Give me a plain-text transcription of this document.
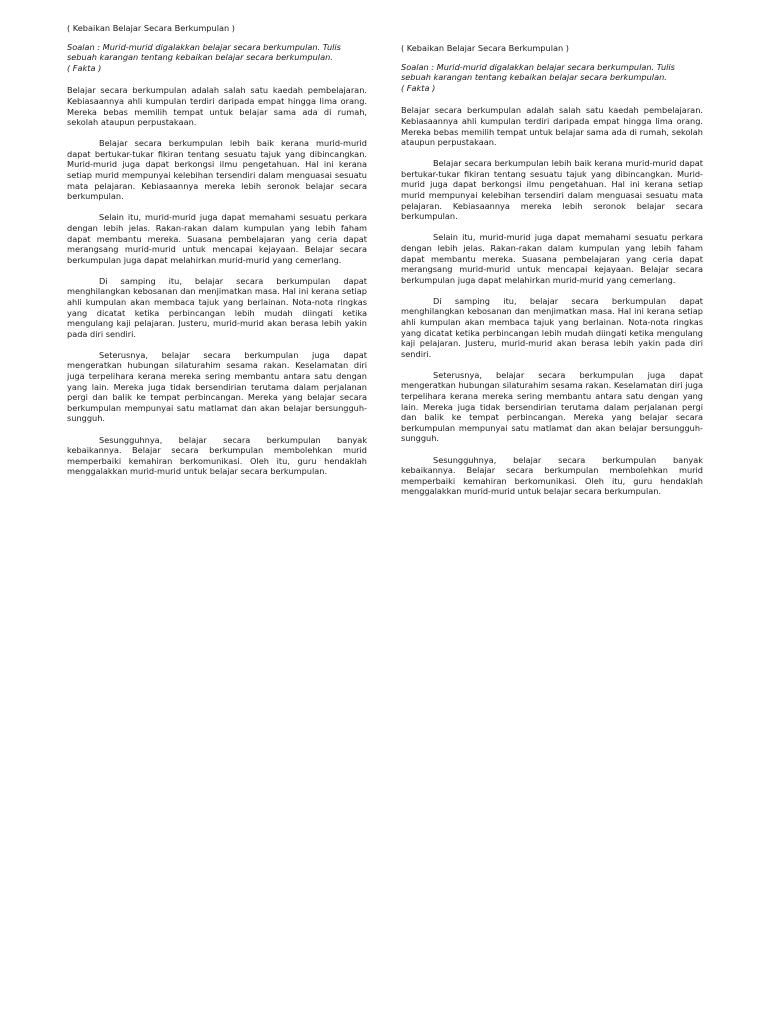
( Kebaikan Belajar Secara Berkumpulan )
Soalan : Murid-murid digalakkan belajar secara berkumpulan. Tulis sebuah karangan tentang kebaikan belajar secara berkumpulan.
( Fakta )

Belajar secara berkumpulan adalah salah satu kaedah pembelajaran. Kebiasaannya ahli kumpulan terdiri daripada empat hingga lima orang. Mereka bebas memilih tempat untuk belajar sama ada di rumah, sekolah ataupun perpustakaan.

Belajar secara berkumpulan lebih baik kerana murid-murid dapat bertukar-tukar fikiran tentang sesuatu tajuk yang dibincangkan. Murid-murid juga dapat berkongsi ilmu pengetahuan. Hal ini kerana setiap murid mempunyai kelebihan tersendiri dalam menguasai sesuatu mata pelajaran. Kebiasaannya mereka lebih seronok belajar secara berkumpulan.

Selain itu, murid-murid juga dapat memahami sesuatu perkara dengan lebih jelas. Rakan-rakan dalam kumpulan yang lebih faham dapat membantu mereka. Suasana pembelajaran yang ceria dapat merangsang murid-murid untuk mencapai kejayaan. Belajar secara berkumpulan juga dapat melahirkan murid-murid yang cemerlang.

Di samping itu, belajar secara berkumpulan dapat menghilangkan kebosanan dan menjimatkan masa. Hal ini kerana setiap ahli kumpulan akan membaca tajuk yang berlainan. Nota-nota ringkas yang dicatat ketika perbincangan lebih mudah diingati ketika mengulang kaji pelajaran. Justeru, murid-murid akan berasa lebih yakin pada diri sendiri.

Seterusnya, belajar secara berkumpulan juga dapat mengeratkan hubungan silaturahim sesama rakan. Keselamatan diri juga terpelihara kerana mereka sering membantu antara satu dengan yang lain. Mereka juga tidak bersendirian terutama dalam perjalanan pergi dan balik ke tempat perbincangan. Mereka yang belajar secara berkumpulan mempunyai satu matlamat dan akan belajar bersungguh-sungguh.

Sesungguhnya, belajar secara berkumpulan banyak kebaikannya. Belajar secara berkumpulan membolehkan murid memperbaiki kemahiran berkomunikasi. Oleh itu, guru hendaklah menggalakkan murid-murid untuk belajar secara berkumpulan.

( Kebaikan Belajar Secara Berkumpulan )
Soalan : Murid-murid digalakkan belajar secara berkumpulan. Tulis sebuah karangan tentang kebaikan belajar secara berkumpulan.
( Fakta )

Belajar secara berkumpulan adalah salah satu kaedah pembelajaran. Kebiasaannya ahli kumpulan terdiri daripada empat hingga lima orang. Mereka bebas memilih tempat untuk belajar sama ada di rumah, sekolah ataupun perpustakaan.

Belajar secara berkumpulan lebih baik kerana murid-murid dapat bertukar-tukar fikiran tentang sesuatu tajuk yang dibincangkan. Murid-murid juga dapat berkongsi ilmu pengetahuan. Hal ini kerana setiap murid mempunyai kelebihan tersendiri dalam menguasai sesuatu mata pelajaran. Kebiasaannya mereka lebih seronok belajar secara berkumpulan.

Selain itu, murid-murid juga dapat memahami sesuatu perkara dengan lebih jelas. Rakan-rakan dalam kumpulan yang lebih faham dapat membantu mereka. Suasana pembelajaran yang ceria dapat merangsang murid-murid untuk mencapai kejayaan. Belajar secara berkumpulan juga dapat melahirkan murid-murid yang cemerlang.

Di samping itu, belajar secara berkumpulan dapat menghilangkan kebosanan dan menjimatkan masa. Hal ini kerana setiap ahli kumpulan akan membaca tajuk yang berlainan. Nota-nota ringkas yang dicatat ketika perbincangan lebih mudah diingati ketika mengulang kaji pelajaran. Justeru, murid-murid akan berasa lebih yakin pada diri sendiri.

Seterusnya, belajar secara berkumpulan juga dapat mengeratkan hubungan silaturahim sesama rakan. Keselamatan diri juga terpelihara kerana mereka sering membantu antara satu dengan yang lain. Mereka juga tidak bersendirian terutama dalam perjalanan pergi dan balik ke tempat perbincangan. Mereka yang belajar secara berkumpulan mempunyai satu matlamat dan akan belajar bersungguh-sungguh.

Sesungguhnya, belajar secara berkumpulan banyak kebaikannya. Belajar secara berkumpulan membolehkan murid memperbaiki kemahiran berkomunikasi. Oleh itu, guru hendaklah menggalakkan murid-murid untuk belajar secara berkumpulan.
